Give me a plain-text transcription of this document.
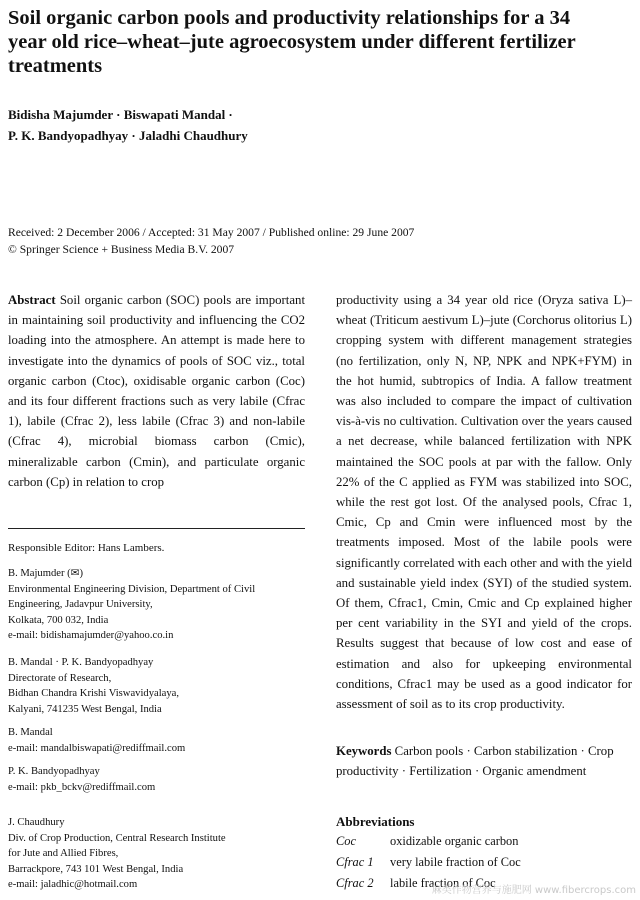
Soil organic carbon pools and productivity relationships for a 34 year old rice–wheat–jute agroecosystem under different fertilizer treatments
Bidisha Majumder · Biswapati Mandal ·
P. K. Bandyopadhyay · Jaladhi Chaudhury
Received: 2 December 2006 / Accepted: 31 May 2007 / Published online: 29 June 2007
© Springer Science + Business Media B.V. 2007

Abstract Soil organic carbon (SOC) pools are important in maintaining soil productivity and influencing the CO2 loading into the atmosphere. An attempt is made here to investigate into the dynamics of pools of SOC viz., total organic carbon (Ctoc), oxidisable organic carbon (Coc) and its four different fractions such as very labile (Cfrac 1), labile (Cfrac 2), less labile (Cfrac 3) and non-labile (Cfrac 4), microbial biomass carbon (Cmic), mineralizable carbon (Cmin), and particulate organic carbon (Cp) in relation to crop

productivity using a 34 year old rice (Oryza sativa L)–wheat (Triticum aestivum L)–jute (Corchorus olitorius L) cropping system with different management strategies (no fertilization, only N, NP, NPK and NPK+FYM) in the hot humid, subtropics of India. A fallow treatment was also included to compare the impact of cultivation vis-à-vis no cultivation. Cultivation over the years caused a net decrease, while balanced fertilization with NPK maintained the SOC pools at par with the fallow. Only 22% of the C applied as FYM was stabilized into SOC, while the rest got lost. Of the analysed pools, Cfrac 1, Cmic, Cp and Cmin were influenced most by the treatments imposed. Most of the labile pools were significantly correlated with each other and with the yield and sustainable yield index (SYI) of the studied system. Of them, Cfrac1, Cmin, Cmic and Cp explained higher per cent variability in the SYI and yield of the crops. Results suggest that because of low cost and ease of estimation and also for upkeeping environmental conditions, Cfrac1 may be used as a good indicator for assessment of soil as to its crop productivity.

Responsible Editor: Hans Lambers.
B. Majumder (✉)
Environmental Engineering Division, Department of Civil
Engineering, Jadavpur University,
Kolkata, 700 032, India
e-mail: bidishamajumder@yahoo.co.in
B. Mandal · P. K. Bandyopadhyay
Directorate of Research,
Bidhan Chandra Krishi Viswavidyalaya,
Kalyani, 741235 West Bengal, India
B. Mandal
e-mail: mandalbiswapati@rediffmail.com
P. K. Bandyopadhyay
e-mail: pkb_bckv@rediffmail.com
J. Chaudhury
Div. of Crop Production, Central Research Institute
for Jute and Allied Fibres,
Barrackpore, 743 101 West Bengal, India
e-mail: jaladhic@hotmail.com
Keywords Carbon pools · Carbon stabilization · Crop productivity · Fertilization · Organic amendment
Abbreviations
Coc	oxidizable organic carbon
Cfrac 1	very labile fraction of Coc
Cfrac 2	labile fraction of Coc
麻类作物营养与施肥网 www.fibercrops.com
